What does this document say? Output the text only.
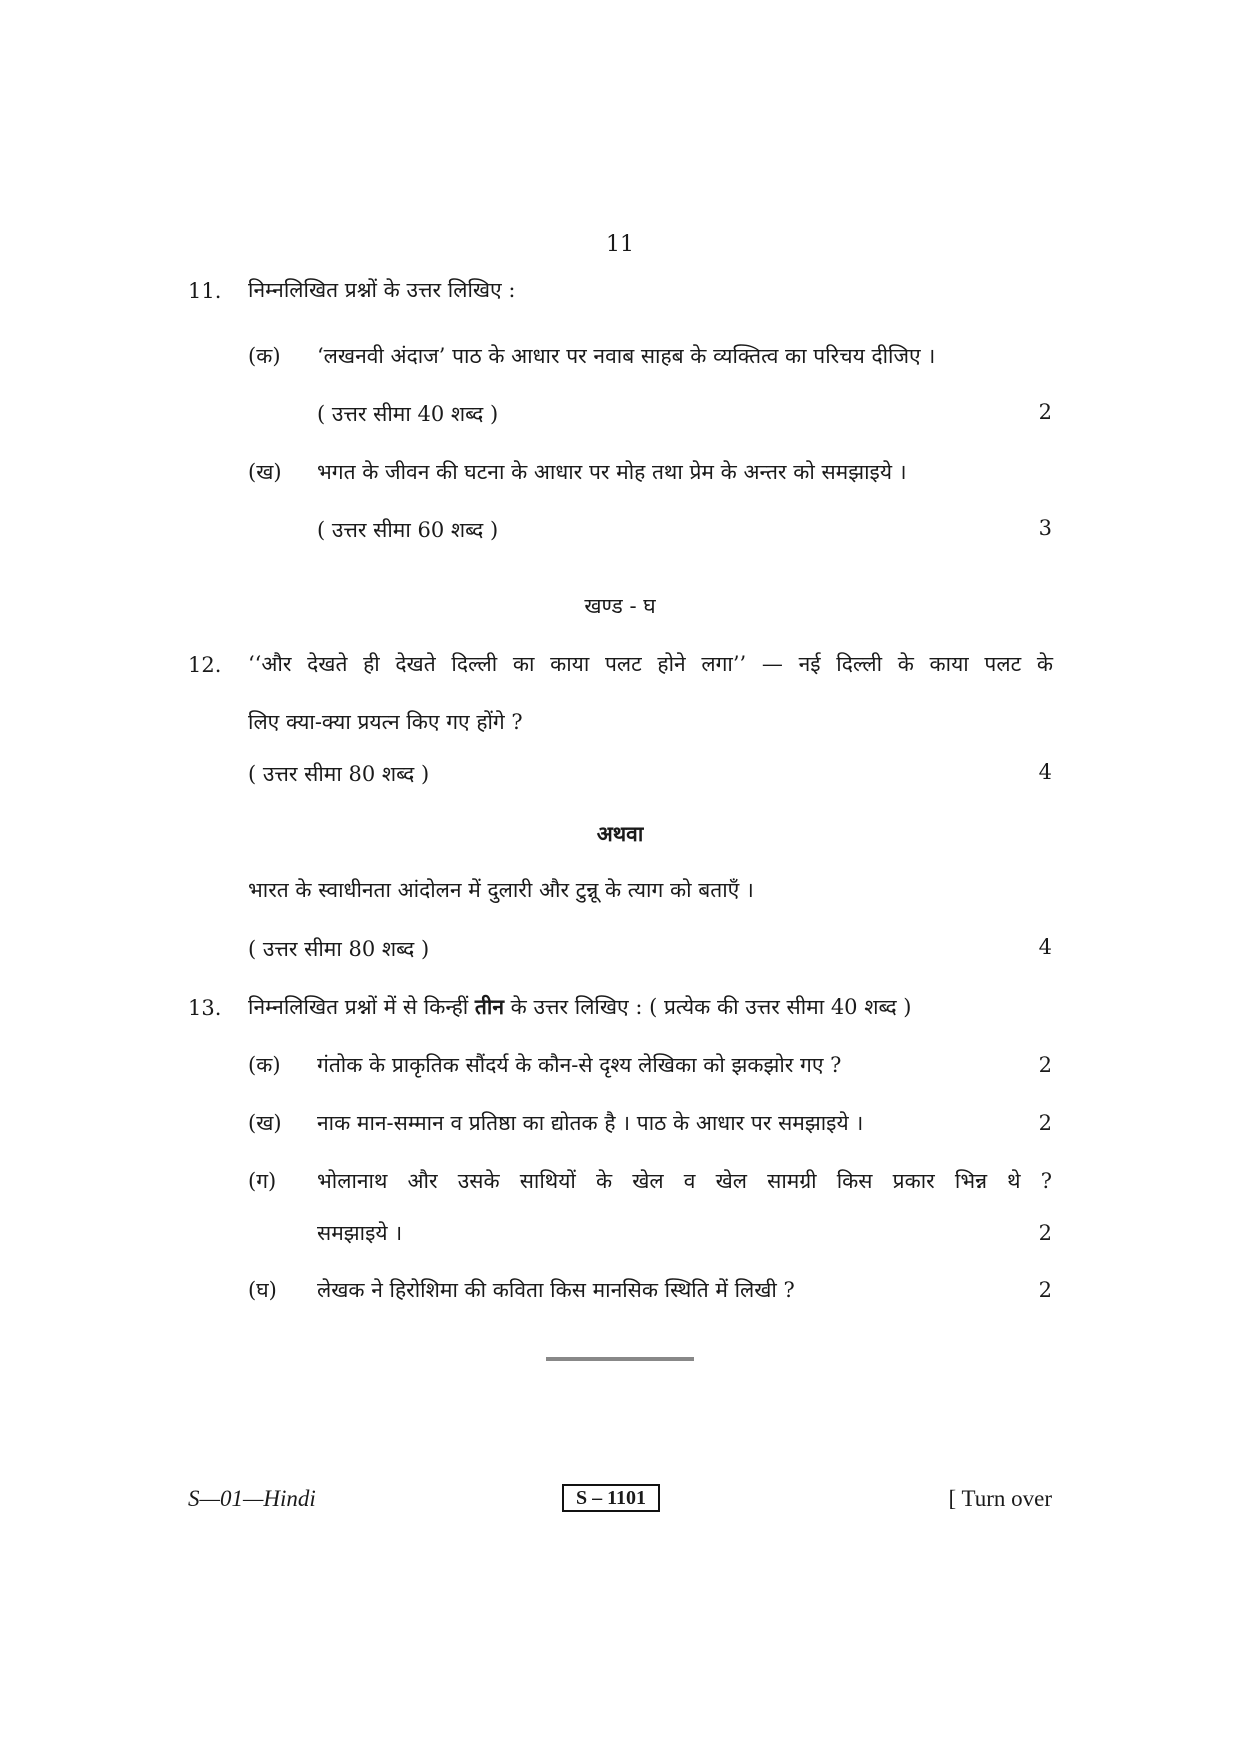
11
11. निम्नलिखित प्रश्नों के उत्तर लिखिए :
(क) ‘लखनवी अंदाज’ पाठ के आधार पर नवाब साहब के व्यक्तित्व का परिचय दीजिए ।
( उत्तर सीमा 40 शब्द )	2
(ख) भगत के जीवन की घटना के आधार पर मोह तथा प्रेम के अन्तर को समझाइये ।
( उत्तर सीमा 60 शब्द )	3
खण्ड - घ
12. ‘‘और देखते ही देखते दिल्ली का काया पलट होने लगा’’ — नई दिल्ली के काया पलट के
लिए क्या-क्या प्रयत्न किए गए होंगे ?
( उत्तर सीमा 80 शब्द )	4
अथवा
भारत के स्वाधीनता आंदोलन में दुलारी और टुन्नू के त्याग को बताएँ ।
( उत्तर सीमा 80 शब्द )	4
13. निम्नलिखित प्रश्नों में से किन्हीं तीन के उत्तर लिखिए : ( प्रत्येक की उत्तर सीमा 40 शब्द )
(क) गंतोक के प्राकृतिक सौंदर्य के कौन-से दृश्य लेखिका को झकझोर गए ?	2
(ख) नाक मान-सम्मान व प्रतिष्ठा का द्योतक है । पाठ के आधार पर समझाइये ।	2
(ग) भोलानाथ और उसके साथियों के खेल व खेल सामग्री किस प्रकार भिन्न थे ?
समझाइये ।	2
(घ) लेखक ने हिरोशिमा की कविता किस मानसिक स्थिति में लिखी ?	2
S—01—Hindi	S – 1101	[ Turn over
